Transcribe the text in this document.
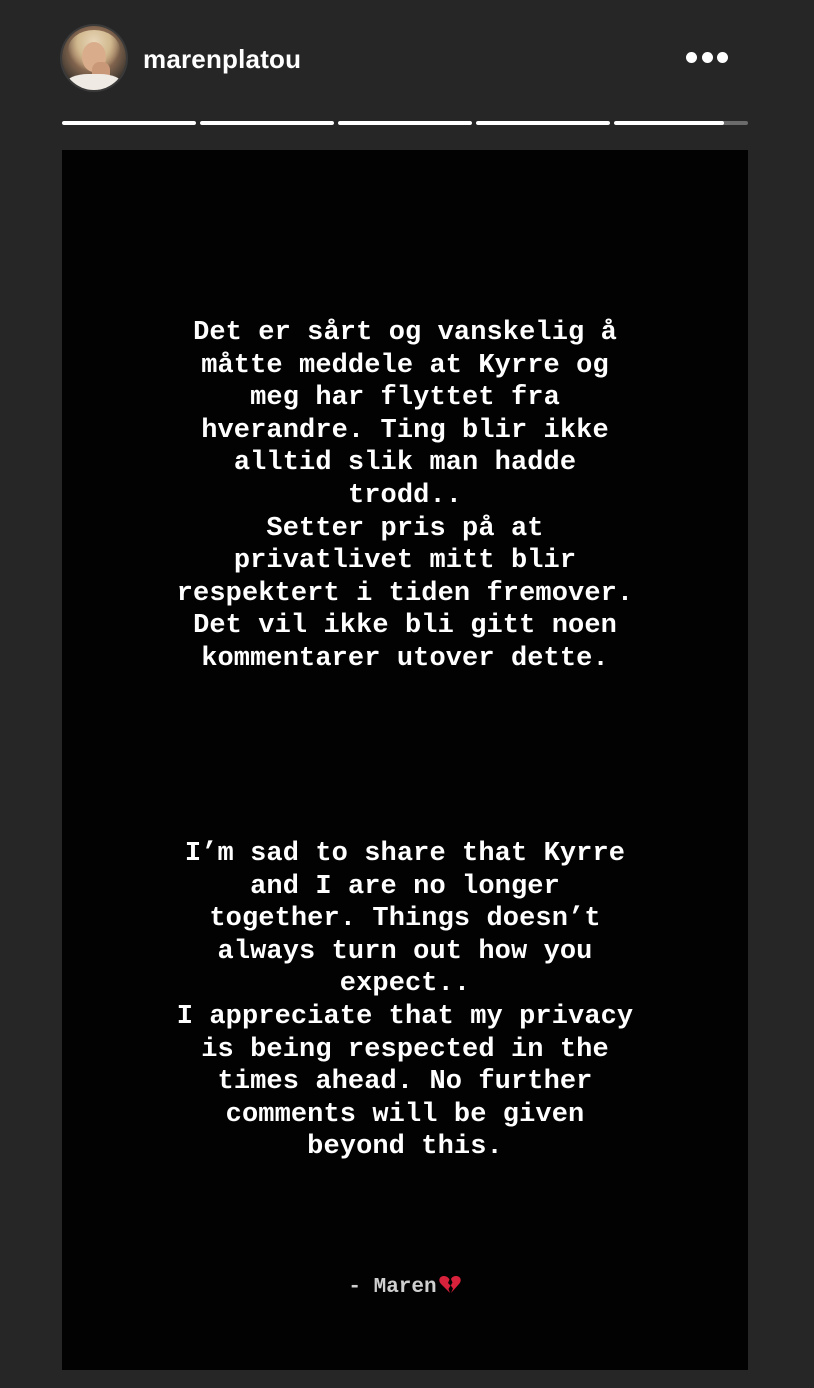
marenplatou
Det er sårt og vanskelig å
måtte meddele at Kyrre og
meg har flyttet fra
hverandre. Ting blir ikke
alltid slik man hadde
trodd..
Setter pris på at
privatlivet mitt blir
respektert i tiden fremover.
Det vil ikke bli gitt noen
kommentarer utover dette.
I’m sad to share that Kyrre
and I are no longer
together. Things doesn’t
always turn out how you
expect..
I appreciate that my privacy
is being respected in the
times ahead. No further
comments will be given
beyond this.
- Maren
